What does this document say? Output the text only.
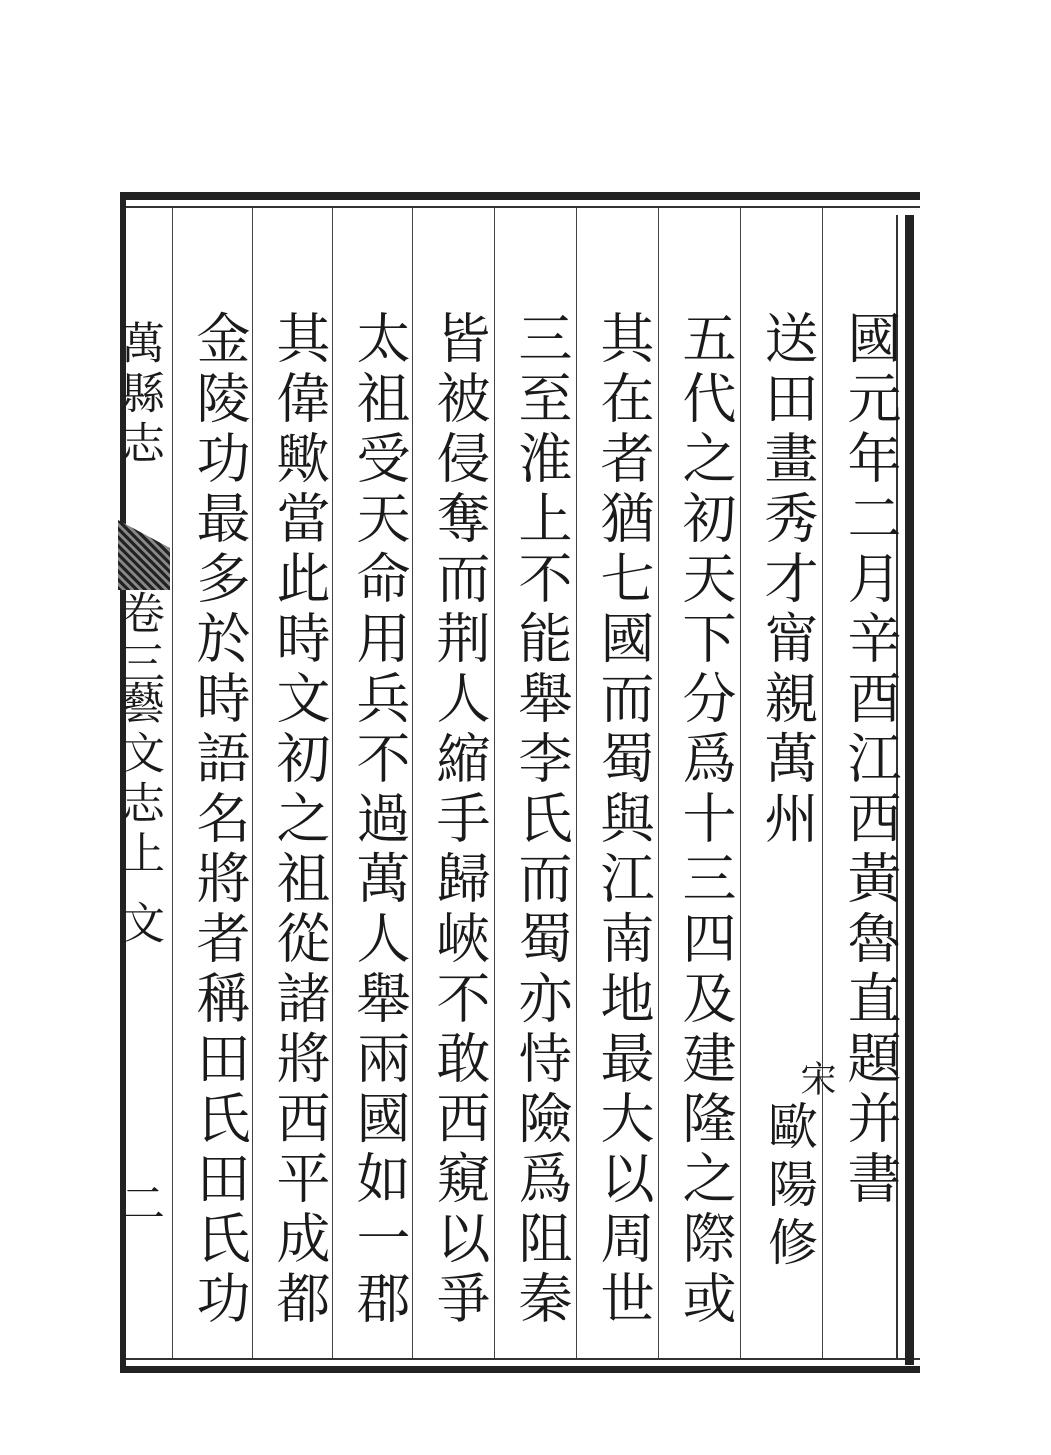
國元年二月辛酉江西黃魯直題并書
送田畫秀才甯親萬州
宋
歐陽修
五代之初天下分爲十三四及建隆之際或
其在者猶七國而蜀與江南地最大以周世
三至淮上不能舉李氏而蜀亦恃險爲阻秦
皆被侵奪而荆人縮手歸峽不敢西窺以爭
太祖受天命用兵不過萬人舉兩國如一郡
其偉歟當此時文初之祖從諸將西平成都
金陵功最多於時語名將者稱田氏田氏功
萬縣志
卷三
藝文志上
文
二
